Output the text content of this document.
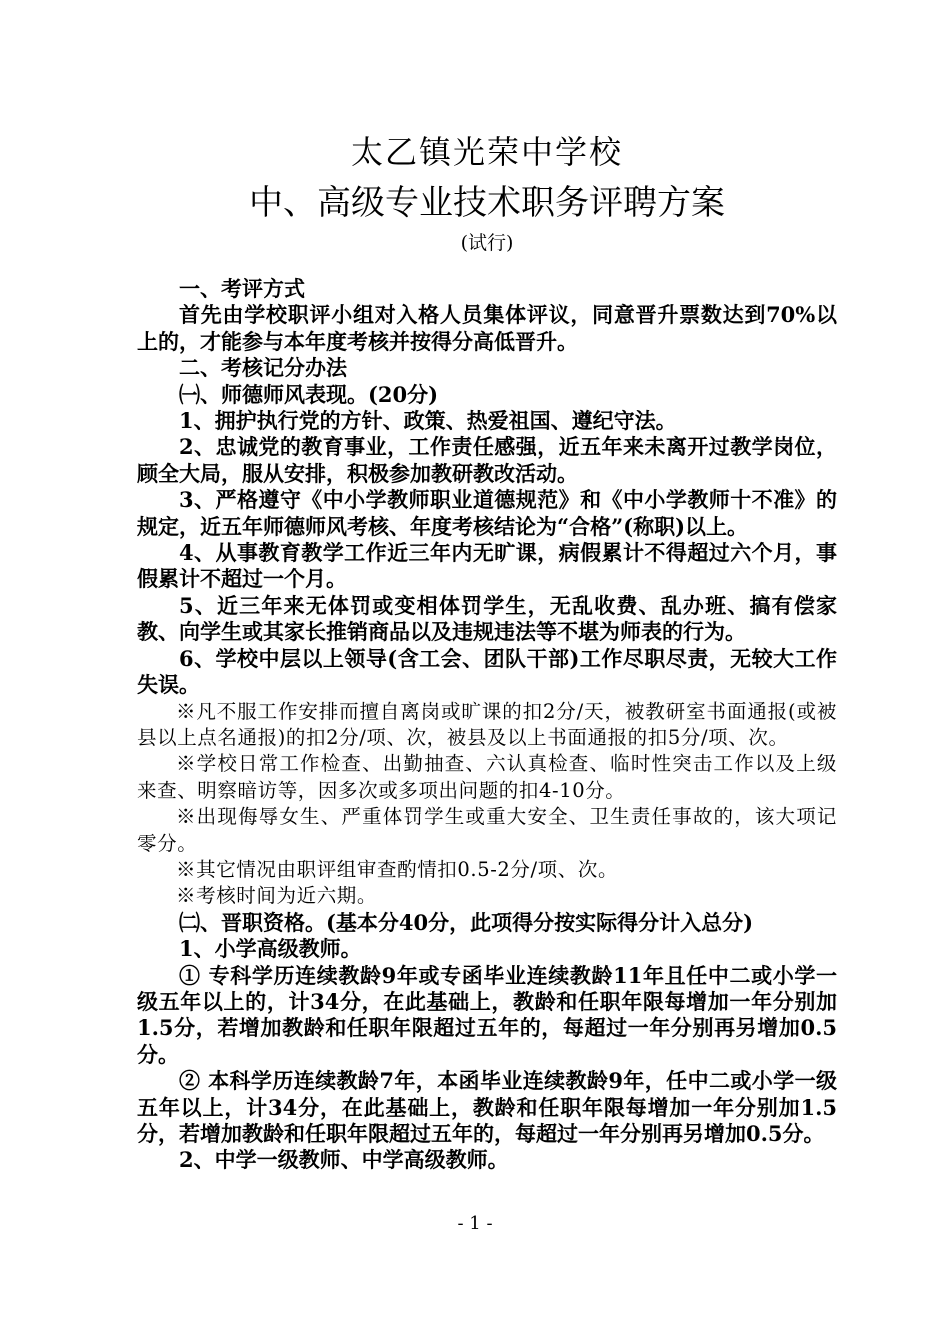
太乙镇光荣中学校
中、高级专业技术职务评聘方案
(试行)

一、考评方式

首先由学校职评小组对入格人员集体评议，同意晋升票数达到70%以上的，才能参与本年度考核并按得分高低晋升。

二、考核记分办法

㈠、师德师风表现。(20分)

1、拥护执行党的方针、政策、热爱祖国、遵纪守法。

2、忠诚党的教育事业，工作责任感强，近五年来未离开过教学岗位，顾全大局，服从安排，积极参加教研教改活动。

3、严格遵守《中小学教师职业道德规范》和《中小学教师十不准》的规定，近五年师德师风考核、年度考核结论为“合格”(称职)以上。

4、从事教育教学工作近三年内无旷课，病假累计不得超过六个月，事假累计不超过一个月。

5、近三年来无体罚或变相体罚学生，无乱收费、乱办班、搞有偿家教、向学生或其家长推销商品以及违规违法等不堪为师表的行为。

6、学校中层以上领导(含工会、团队干部)工作尽职尽责，无较大工作失误。

※凡不服工作安排而擅自离岗或旷课的扣2分/天，被教研室书面通报(或被县以上点名通报)的扣2分/项、次，被县及以上书面通报的扣5分/项、次。

※学校日常工作检查、出勤抽查、六认真检查、临时性突击工作以及上级来查、明察暗访等，因多次或多项出问题的扣4-10分。

※出现侮辱女生、严重体罚学生或重大安全、卫生责任事故的，该大项记零分。

※其它情况由职评组审查酌情扣0.5-2分/项、次。

※考核时间为近六期。

㈡、晋职资格。(基本分40分，此项得分按实际得分计入总分)

1、小学高级教师。

① 专科学历连续教龄9年或专函毕业连续教龄11年且任中二或小学一级五年以上的，计34分，在此基础上，教龄和任职年限每增加一年分别加1.5分，若增加教龄和任职年限超过五年的，每超过一年分别再另增加0.5分。

② 本科学历连续教龄7年，本函毕业连续教龄9年，任中二或小学一级五年以上，计34分，在此基础上，教龄和任职年限每增加一年分别加1.5分，若增加教龄和任职年限超过五年的，每超过一年分别再另增加0.5分。

2、中学一级教师、中学高级教师。

- 1 -
